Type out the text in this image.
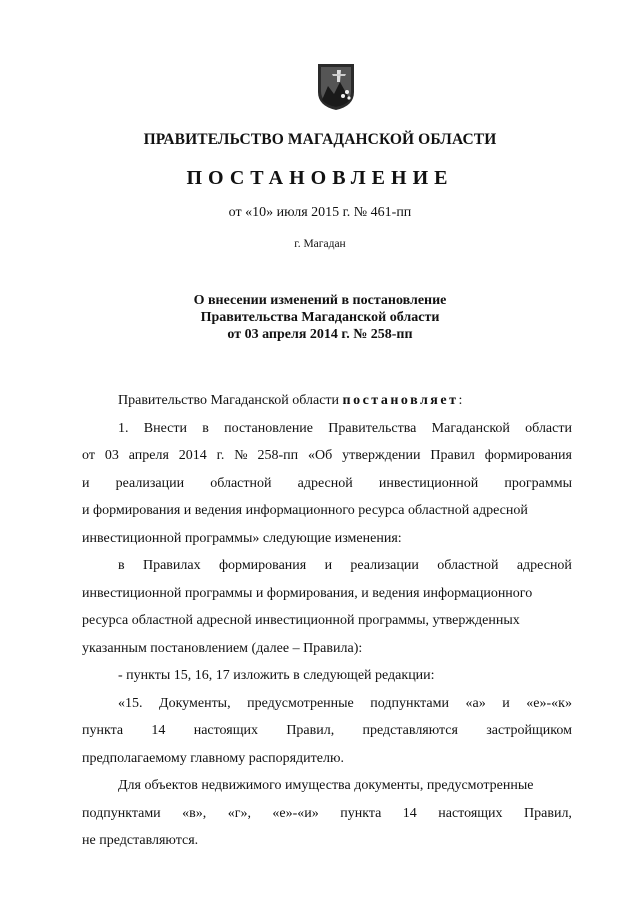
ПРАВИТЕЛЬСТВО МАГАДАНСКОЙ ОБЛАСТИ
ПОСТАНОВЛЕНИЕ
от «10» июля 2015 г. № 461-пп
г. Магадан
О внесении изменений в постановление
Правительства Магаданской области
от 03 апреля 2014 г. № 258-пп
Правительство Магаданской области постановляет:
1. Внести в постановление Правительства Магаданской области
от 03 апреля 2014 г. № 258-пп «Об утверждении Правил формирования
и реализации областной адресной инвестиционной программы
и формирования и ведения информационного ресурса областной адресной
инвестиционной программы» следующие изменения:
в Правилах формирования и реализации областной адресной
инвестиционной программы и формирования, и ведения информационного
ресурса областной адресной инвестиционной программы, утвержденных
указанным постановлением (далее – Правила):
- пункты 15, 16, 17 изложить в следующей редакции:
«15. Документы, предусмотренные подпунктами «а» и «е»-«к»
пункта 14 настоящих Правил, представляются застройщиком
предполагаемому главному распорядителю.
Для объектов недвижимого имущества документы, предусмотренные
подпунктами «в», «г», «е»-«и» пункта 14 настоящих Правил,
не представляются.
